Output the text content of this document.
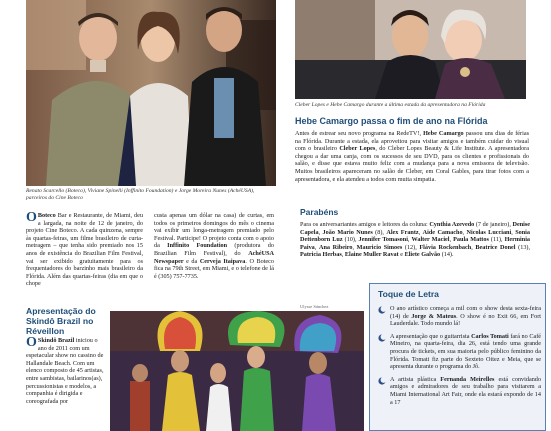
Renato Scarcello (Boteco), Viviane Spinelli (Inffinito Foundation) e Jorge Moreira Nunes (AchéUSA), parceiros do Cine Boteco
Cleber Lopes e Hebe Camargo durante a última estada da apresentadora na Flórida
Hebe Camargo passa o fim de ano na Flórida
Antes de estrear seu novo programa na RedeTV!, Hebe Camargo passou uns dias de férias na Flórida. Durante a estada, ela aproveitou para visitar amigos e também cuidar do visual com o brasileiro Cleber Lopes, do Cleber Lopes Beauty & Life Institute. A apresentadora chegou a dar uma canja, com os sucessos de seu DVD, para os clientes e profissionais do salão, e disse que estava muito feliz com a mudança para a nova emissora de televisão. Muitos brasileiros apareceram no salão de Cleber, em Coral Gables, para tirar fotos com a apresentadora, e ela atendeu a todos com muita simpatia.
O Boteco Bar e Restaurante, de Miami, deu a largada, na noite de 12 de janeiro, do projeto Cine Boteco. A cada quinzena, sempre às quartas-feiras, um filme brasileiro de curta-metragem – que tenha sido premiado nos 15 anos de existência do Brazilian Film Festival, vai ser exibido gratuitamente para os frequentadores do barzinho mais brasileiro da Flórida. Além das quartas-feiras (dia em que o chope
custa apenas um dólar na casa) de curtas, em todos os primeiros domingos do mês o cinema vai exibir um longa-metragem premiado pelo Festival. Participe! O projeto conta com o apoio da Inffinito Foundation (produtora do Brazilian Film Festival), do AchéUSA Newspaper e da Cerveja Itaipava. O Boteco fica na 79th Street, em Miami, e o telefone de lá é (305) 757-7735.
Parabéns
Para os aniversariantes amigos e leitores da coluna: Cynthia Azevedo (7 de janeiro), Denise Capela, João Mario Nunes (8), Alex Frantz, Aide Camacho, Nicolas Lucciani, Sonia Dettenborn Luz (10), Jennifer Tomasoni, Walter Maciel, Paula Mattos (11), Herminia Paiva, Ana Ribeiro, Mauricio Simoes (12), Flávia Rockenbach, Beatrice Donel (13), Patricia Herbas, Elaine Muller Ravat e Eliete Galvão (14).
Apresentação do Skindô Brazil no Réveillon
O Skindô Brazil iniciou o ano de 2011 com um espetacular show no cassino de Hallandale Beach. Com um elenco composto de 45 artistas, entre sambistas, bailarinos(as), percussionistas e modelos, a companhia é dirigida e coreografada por
Ulysse Sánchez
Toque de Letra
O ano artístico começa a mil com o show desta sexta-feira (14) de Jorge & Mateus. O show é no Exit 66, em Fort Lauderdale. Todo mundo lá!
A apresentação que o guitarrista Carlos Tomati fará no Café Mineiro, na quarta-feira, dia 26, está tendo uma grande procura de tickets, em sua maioria pelo público feminino da Flórida. Tomati fiz parte do Sexteto Oitez e Meia, que se apresenta durante o programa do Jô.
A artista plástica Fernanda Meirelles está convidando amigos e admiradores de seu trabalho para visitarem a Miami International Art Fair, onde ela estará expondo de 14 a 17
